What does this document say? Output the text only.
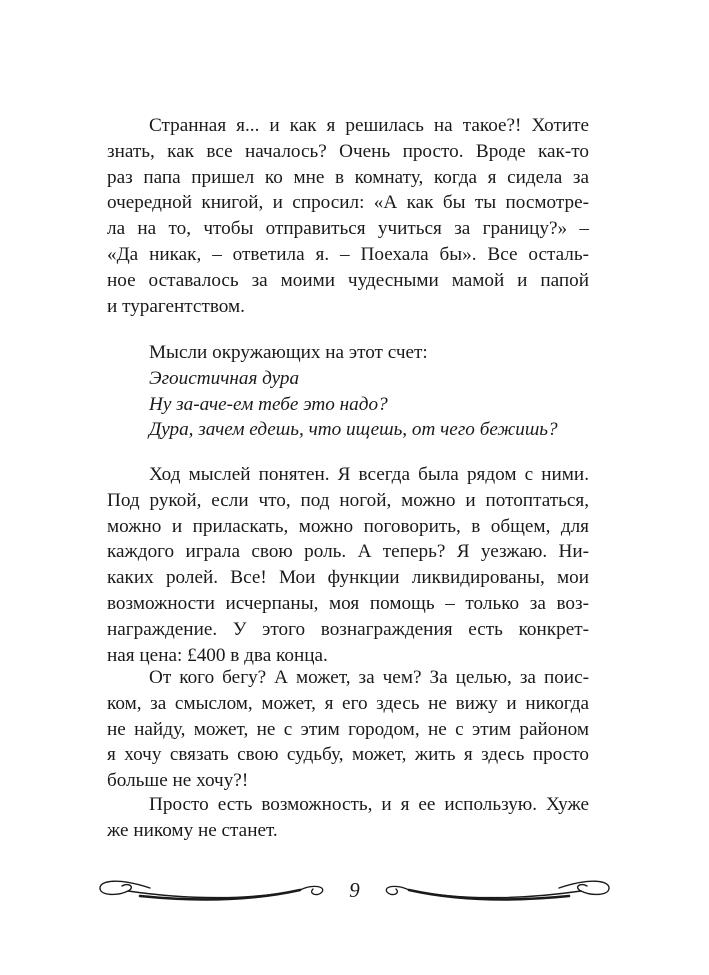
Странная я... и как я решилась на такое?! Хотите
знать, как все началось? Очень просто. Вроде как-то
раз папа пришел ко мне в комнату, когда я сидела за
очередной книгой, и спросил: «А как бы ты посмотре-
ла на то, чтобы отправиться учиться за границу?» –
«Да никак, – ответила я. – Поехала бы». Все осталь-
ное оставалось за моими чудесными мамой и папой
и турагентством.
Мысли окружающих на этот счет:
Эгоистичная дура
Ну за-аче-ем тебе это надо?
Дура, зачем едешь, что ищешь, от чего бежишь?
Ход мыслей понятен. Я всегда была рядом с ними.
Под рукой, если что, под ногой, можно и потоптаться,
можно и приласкать, можно поговорить, в общем, для
каждого играла свою роль. А теперь? Я уезжаю. Ни-
каких ролей. Все! Мои функции ликвидированы, мои
возможности исчерпаны, моя помощь – только за воз-
награждение. У этого вознаграждения есть конкрет-
ная цена: £400 в два конца.
От кого бегу? А может, за чем? За целью, за поис-
ком, за смыслом, может, я его здесь не вижу и никогда
не найду, может, не с этим городом, не с этим районом
я хочу связать свою судьбу, может, жить я здесь просто
больше не хочу?!
Просто есть возможность, и я ее использую. Хуже
же никому не станет.
9
